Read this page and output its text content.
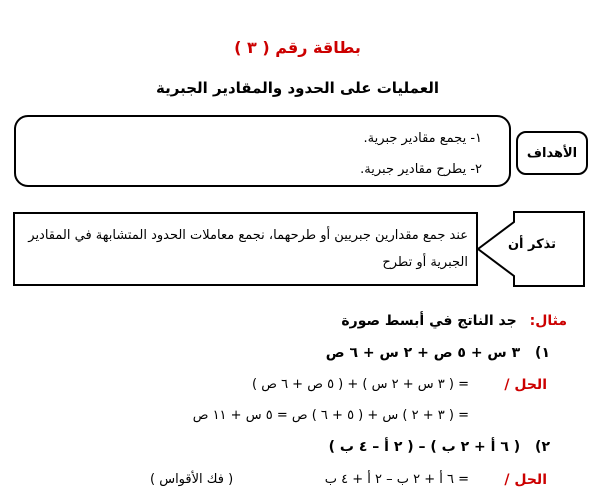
بطاقة رقم ( ٣ )
العمليات على الحدود والمقادير الجبرية
١- يجمع مقادير جبرية.
٢- يطرح مقادير جبرية.
الأهداف
عند جمع مقدارين جبريين أو طرحهما، نجمع معاملات الحدود المتشابهة في المقادير الجبرية أو تطرح
تذكر أن
مثال: جد الناتج في أبسط صورة
١) ٣ س + ٥ ص + ٢ س + ٦ ص
الحل /
= ( ٣ س + ٢ س ) + ( ٥ ص + ٦ ص )
= ( ٣ + ٢ ) س + ( ٥ + ٦ ) ص = ٥ س + ١١ ص
٢) ( ٦ أ + ٢ ب ) – ( ٢ أ – ٤ ب )
الحل /
= ٦ أ + ٢ ب – ٢ أ + ٤ ب
( فك الأقواس )
